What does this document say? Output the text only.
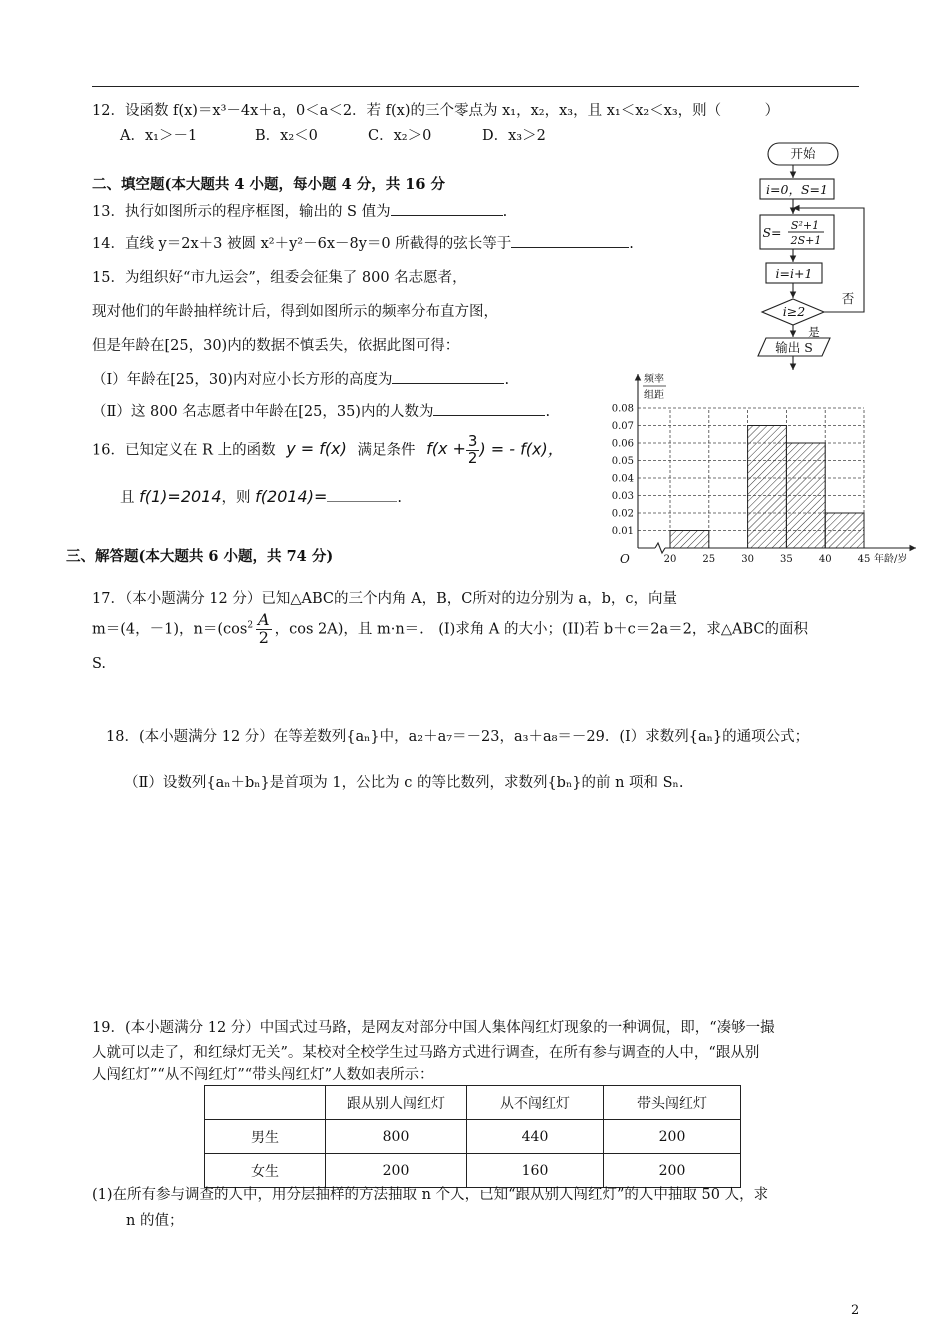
12．设函数 f(x)＝x³－4x＋a，0＜a＜2．若 f(x)的三个零点为 x₁，x₂，x₃，且 x₁＜x₂＜x₃，则（　　　）
A．x₁＞－1	B．x₂＜0	C．x₂＞0	D．x₃＞2
二、填空题(本大题共 4 小题，每小题 4 分，共 16 分
13．执行如图所示的程序框图，输出的 S 值为	.
14．直线 y＝2x＋3 被圆 x²＋y²－6x－8y＝0 所截得的弦长等于	.
15．为组织好“市九运会”，组委会征集了 800 名志愿者，
现对他们的年龄抽样统计后，得到如图所示的频率分布直方图，
但是年龄在[25，30)内的数据不慎丢失，依据此图可得：
（Ⅰ）年龄在[25，30)内对应小长方形的高度为	.
（Ⅱ）这 800 名志愿者中年龄在[25，35)内的人数为	.
16．已知定义在 R 上的函数 y = f(x) 满足条件 $f(x + \frac{3}{2}$ ) = - f(x)，
且 f(1)=2014，则 f(2014)=	.
三、解答题(本大题共 6 小题，共 74 分)
17．（本小题满分 12 分）已知△ABC的三个内角 A，B，C所对的边分别为 a，b，c，向量
m＝(4，－1)，$n=(\cos^2 \frac{A}{2}$ ，cos 2A)，且 m·n＝.　(I)求角 A 的大小；(II)若 b＋c＝2a＝2，求△ABC的面积
S.
18．(本小题满分 12 分）在等差数列{aₙ}中，a₂＋a₇＝－23，a₃＋a₈＝－29．(Ⅰ）求数列{aₙ}的通项公式；
（Ⅱ）设数列{aₙ＋bₙ}是首项为 1，公比为 c 的等比数列，求数列{bₙ}的前 n 项和 Sₙ.
19．(本小题满分 12 分）中国式过马路，是网友对部分中国人集体闯红灯现象的一种调侃，即，“凑够一撮
人就可以走了，和红绿灯无关”。某校对全校学生过马路方式进行调查，在所有参与调查的人中，“跟从别
人闯红灯”“从不闯红灯”“带头闯红灯”人数如表所示：
	跟从别人闯红灯	从不闯红灯	带头闯红灯
男生	800	440	200
女生	200	160	200
(1)在所有参与调查的人中，用分层抽样的方法抽取 n 个人，已知“跟从别人闯红灯”的人中抽取 50 人，求
n 的值；
2
开始
i=0，S=1
S= S²+1
2S+1
i=i+1
i≥2
否
是
输出 S
0.01
0.02
0.03
0.04
0.05
0.06
0.07
0.08
20	25	30	35	40	45
O
频率
组距
年龄/岁
